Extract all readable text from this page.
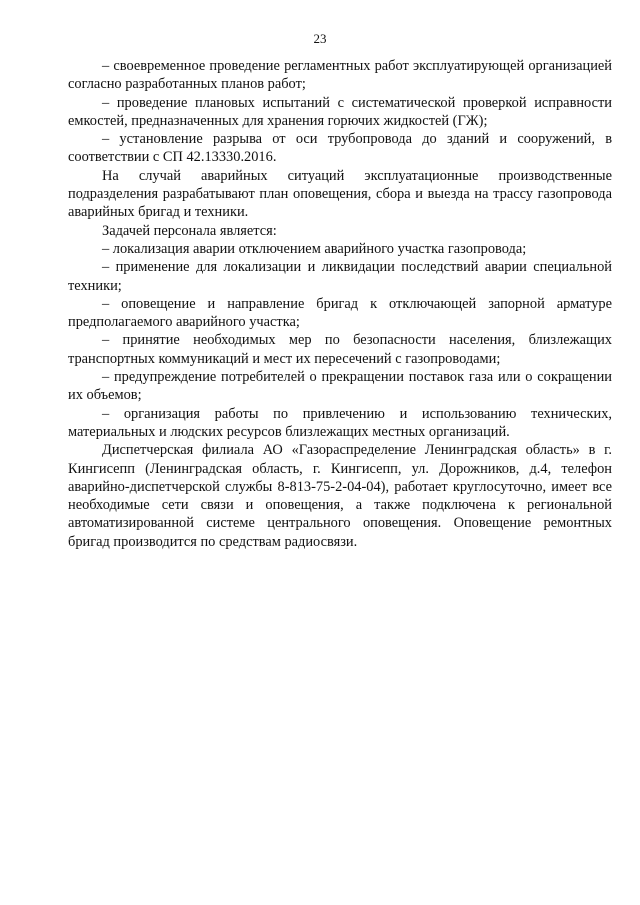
23

– своевременное проведение регламентных работ эксплуатирующей организацией согласно разработанных планов работ;

– проведение плановых испытаний с систематической проверкой исправности емкостей, предназначенных для хранения горючих жидкостей (ГЖ);

– установление разрыва от оси трубопровода до зданий и сооружений, в соответствии с СП 42.13330.2016.

На случай аварийных ситуаций эксплуатационные производственные подразделения разрабатывают план оповещения, сбора и выезда на трассу газопровода аварийных бригад и техники.

Задачей персонала является:

– локализация аварии отключением аварийного участка газопровода;

– применение для локализации и ликвидации последствий аварии специальной техники;

– оповещение и направление бригад к отключающей запорной арматуре предполагаемого аварийного участка;

– принятие необходимых мер по безопасности населения, близлежащих транспортных коммуникаций и мест их пересечений с газопроводами;

– предупреждение потребителей о прекращении поставок газа или о сокращении их объемов;

– организация работы по привлечению и использованию технических, материальных и людских ресурсов близлежащих местных организаций.

Диспетчерская филиала АО «Газораспределение Ленинградская область» в г. Кингисепп (Ленинградская область, г. Кингисепп, ул. Дорожников, д.4, телефон аварийно-диспетчерской службы 8-813-75-2-04-04), работает круглосуточно, имеет все необходимые сети связи и оповещения, а также подключена к региональной автоматизированной системе центрального оповещения. Оповещение ремонтных бригад производится по средствам радиосвязи.
